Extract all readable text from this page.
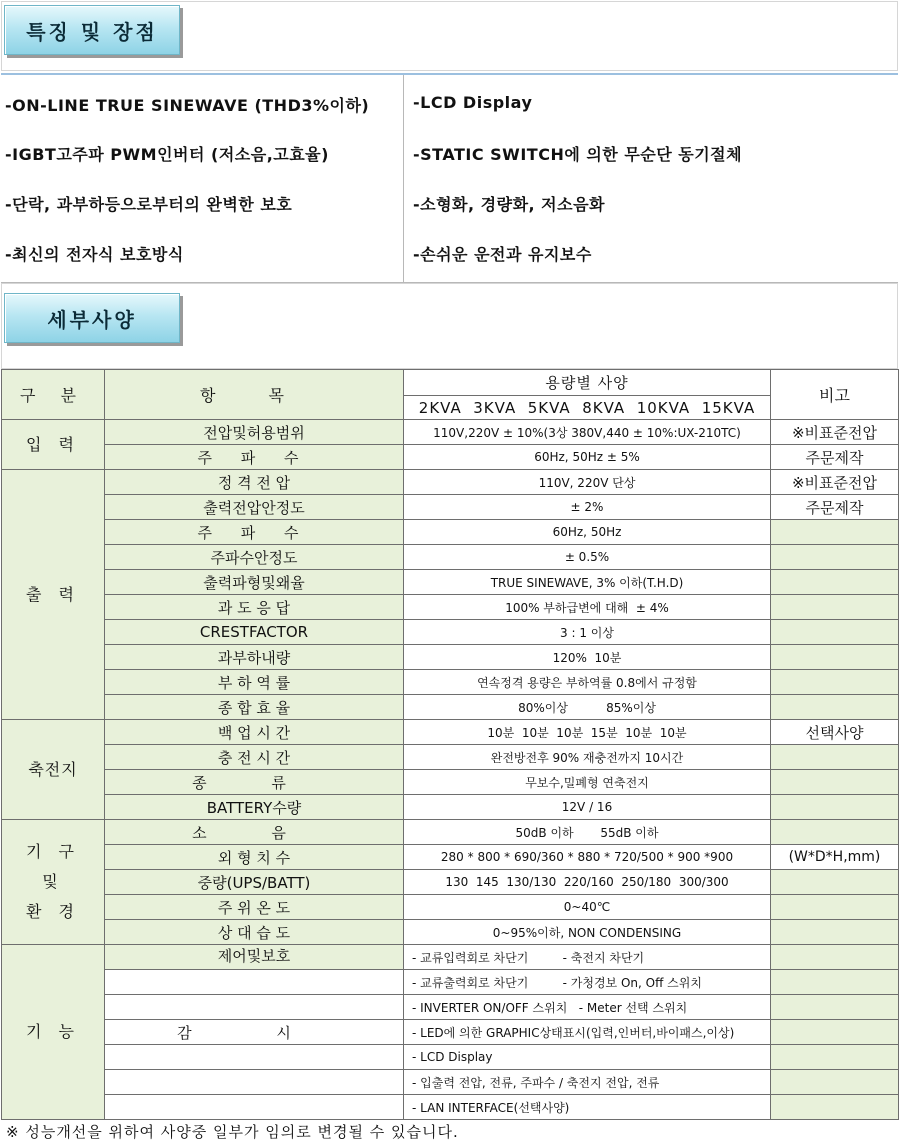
특징 및 장점
-ON-LINE TRUE SINEWAVE (THD3%이하)
-IGBT고주파 PWM인버터 (저소음,고효율)
-단락, 과부하등으로부터의 완벽한 보호
-최신의 전자식 보호방식
-LCD Display
-STATIC SWITCH에 의한 무순단 동기절체
-소형화, 경량화, 저소음화
-손쉬운 운전과 유지보수
세부사양
구 분	항 목	용량별 사양	비고
		2KVA  3KVA  5KVA  8KVA  10KVA  15KVA	
입 력	전압및허용범위	110V,220V ± 10%(3상 380V,440 ± 10%:UX-210TC)	※비표준전압
	주 파 수	60Hz, 50Hz ± 5%	주문제작
출 력	정 격 전 압	110V, 220V 단상	※비표준전압
	출력전압안정도	± 2%	주문제작
	주 파 수	60Hz, 50Hz	
	주파수안정도	± 0.5%	
	출력파형및왜율	TRUE SINEWAVE, 3% 이하(T.H.D)	
	과 도 응 답	100% 부하급변에 대해  ± 4%	
	CRESTFACTOR	3 : 1 이상	
	과부하내량	120%  10분	
	부 하 역 률	연속정격 용량은 부하역률 0.8에서 규정함	
	종 합 효 율	80%이상          85%이상	
축전지	백 업 시 간	10분  10분  10분  15분  10분  10분	선택사양
	충 전 시 간	완전방전후 90% 재충전까지 10시간	
	종 류	무보수,밀폐형 연축전지	
	BATTERY수량	12V / 16	

기 구
및
환 경	소 음	50dB 이하       55dB 이하	
	외 형 치 수	280 * 800 * 690/360 * 880 * 720/500 * 900 *900	(W*D*H,mm)
	중량(UPS/BATT)	130  145  130/130  220/160  250/180  300/300	
	주 위 온 도	0~40℃	
	상 대 습 도	0~95%이하, NON CONDENSING	
기 능	제어및보호	- 교류입력회로 차단기         - 축전지 차단기	
		- 교류출력회로 차단기         - 가청경보 On, Off 스위치	
		- INVERTER ON/OFF 스위치   - Meter 선택 스위치	
	감 시	- LED에 의한 GRAPHIC상태표시(입력,인버터,바이패스,이상)	
		- LCD Display	
		- 입출력 전압, 전류, 주파수 / 축전지 전압, 전류	
		- LAN INTERFACE(선택사양)	
※ 성능개선을 위하여 사양중 일부가 임의로 변경될 수 있습니다.
